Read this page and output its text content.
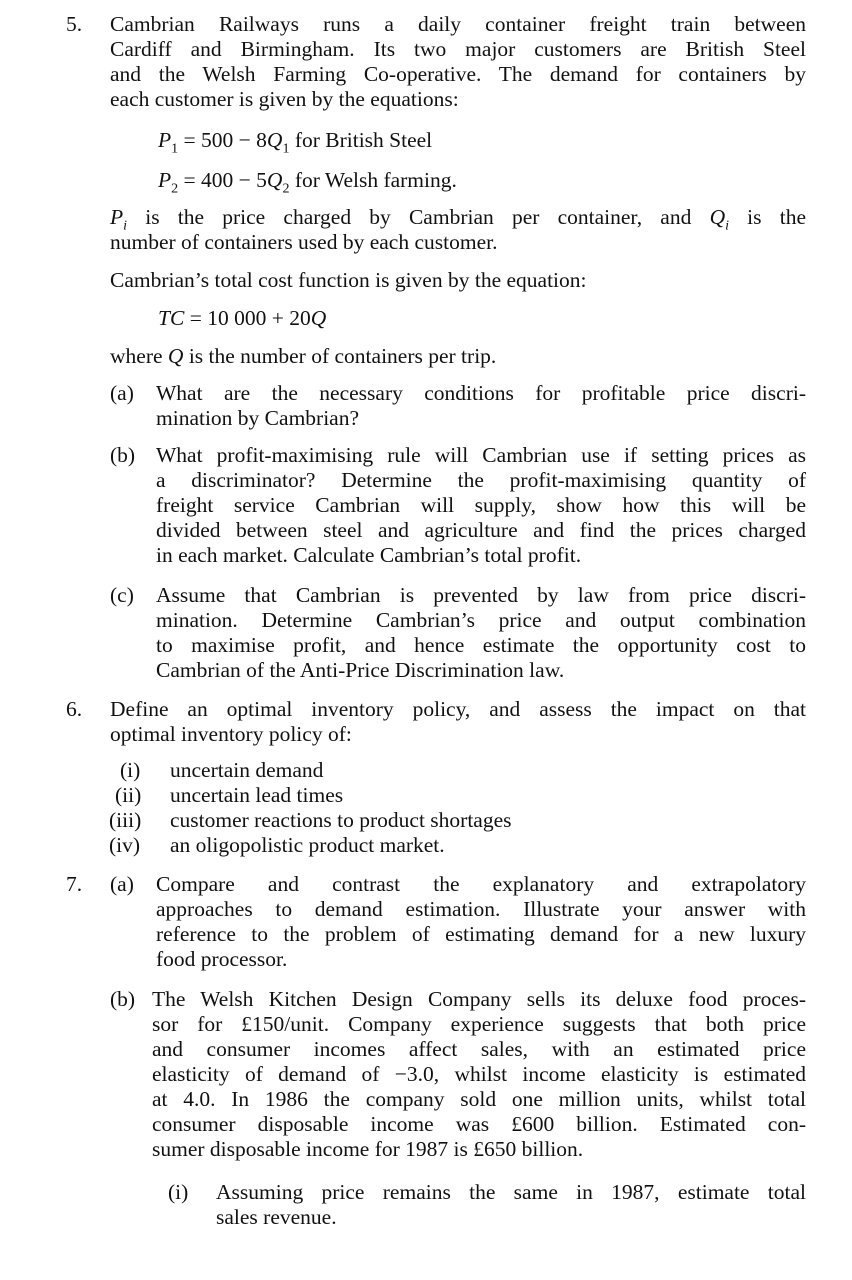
5.	Cambrian Railways runs a daily container freight train between
Cardiff and Birmingham. Its two major customers are British Steel
and the Welsh Farming Co-operative. The demand for containers by
each customer is given by the equations:
$P_1 = 500 - 8Q_1$ for British Steel
$P_2 = 400 - 5Q_2$ for Welsh farming.
$P_i$ is the price charged by Cambrian per container, and $Q_i$ is the
number of containers used by each customer.
Cambrian’s total cost function is given by the equation:
TC = 10 000 + 20Q
where Q is the number of containers per trip.
(a) What are the necessary conditions for profitable price discri-
mination by Cambrian?
(b) What profit-maximising rule will Cambrian use if setting prices as
a discriminator? Determine the profit-maximising quantity of
freight service Cambrian will supply, show how this will be
divided between steel and agriculture and find the prices charged
in each market. Calculate Cambrian’s total profit.
(c) Assume that Cambrian is prevented by law from price discri-
mination. Determine Cambrian’s price and output combination
to maximise profit, and hence estimate the opportunity cost to
Cambrian of the Anti-Price Discrimination law.
6.	Define an optimal inventory policy, and assess the impact on that
optimal inventory policy of:
(i) uncertain demand
(ii) uncertain lead times
(iii) customer reactions to product shortages
(iv) an oligopolistic product market.
7.	(a) Compare and contrast the explanatory and extrapolatory
approaches to demand estimation. Illustrate your answer with
reference to the problem of estimating demand for a new luxury
food processor.
(b) The Welsh Kitchen Design Company sells its deluxe food proces-
sor for £150/unit. Company experience suggests that both price
and consumer incomes affect sales, with an estimated price
elasticity of demand of −3.0, whilst income elasticity is estimated
at 4.0. In 1986 the company sold one million units, whilst total
consumer disposable income was £600 billion. Estimated con-
sumer disposable income for 1987 is £650 billion.
(i) Assuming price remains the same in 1987, estimate total
sales revenue.
